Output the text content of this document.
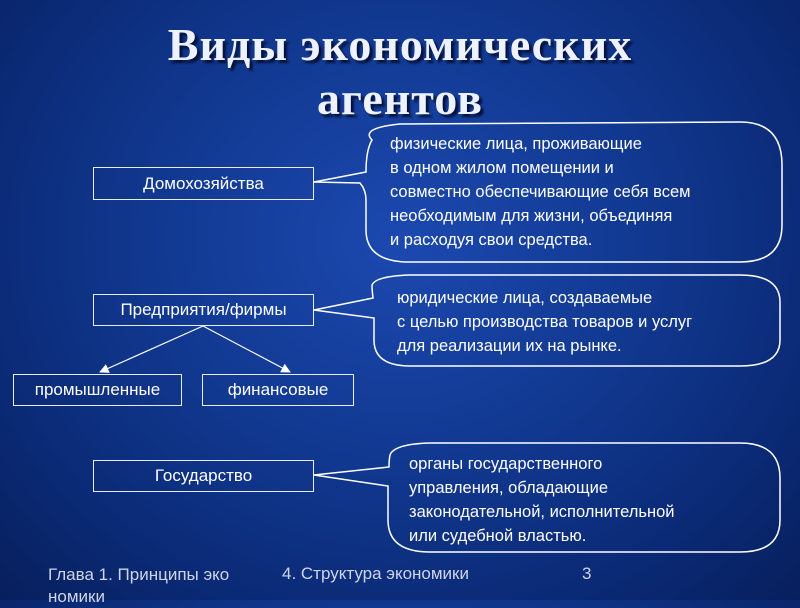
Виды экономических
агентов
Домохозяйства
Предприятия/фирмы
промышленные	финансовые
Государство
физические лица, проживающие
в одном жилом помещении и
совместно обеспечивающие себя всем
необходимым для жизни, объединяя
и расходуя свои средства.
юридические лица, создаваемые
с целью производства товаров и услуг
для реализации их на рынке.
органы государственного
управления, обладающие
законодательной, исполнительной
или судебной властью.
Глава 1. Принципы эко
номики
4. Структура экономики	3
